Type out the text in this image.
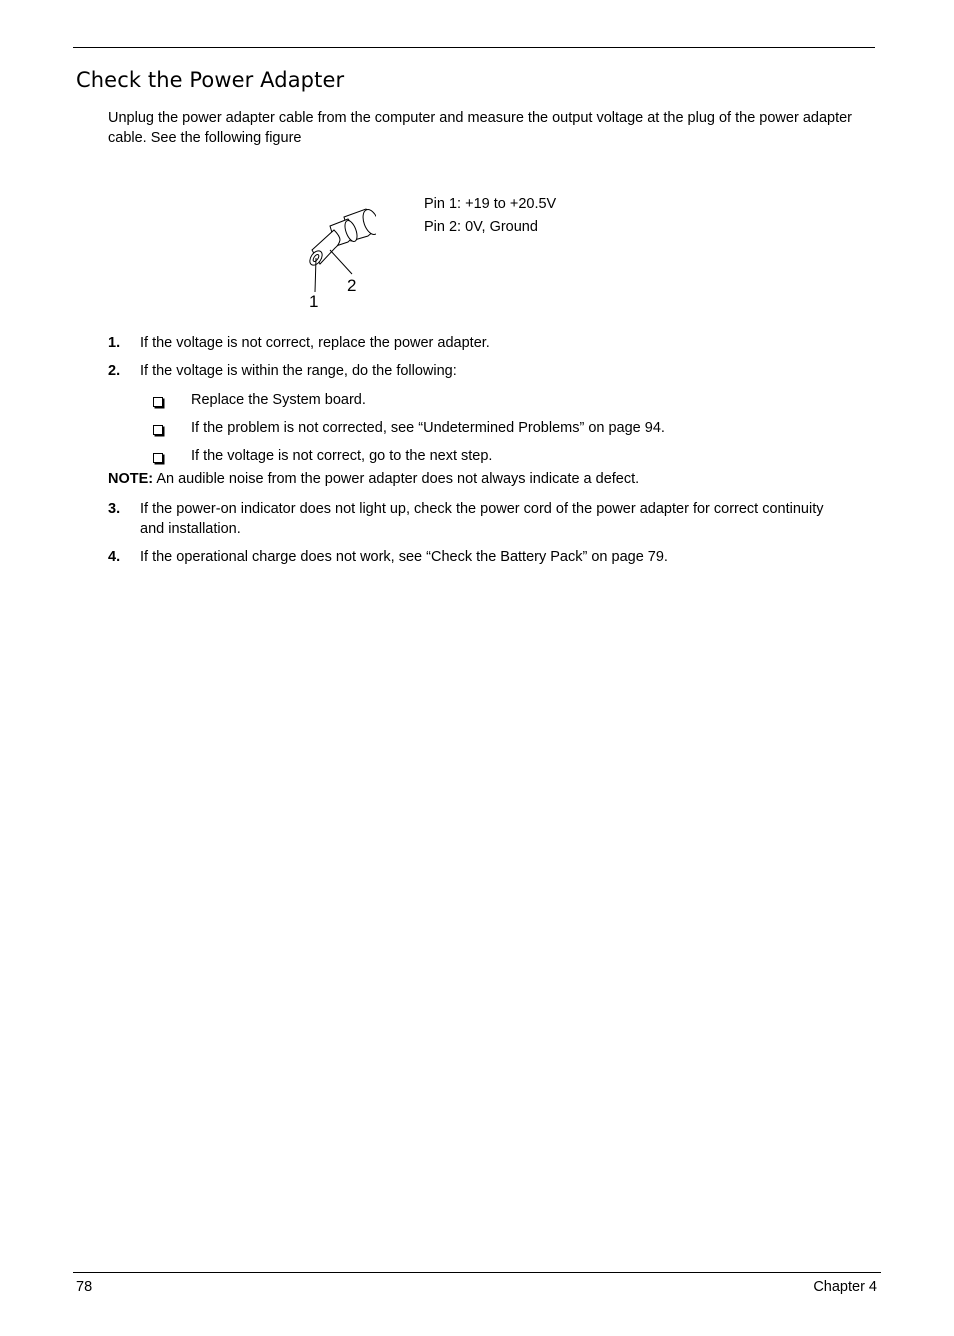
Check the Power Adapter
Unplug the power adapter cable from the computer and measure the output voltage at the plug of the power adapter cable. See the following figure
1
2
Pin 1: +19 to +20.5V
Pin 2: 0V, Ground
1. If the voltage is not correct, replace the power adapter.
2. If the voltage is within the range, do the following:
Replace the System board.
If the problem is not corrected, see “Undetermined Problems” on page 94.
If the voltage is not correct, go to the next step.
NOTE: An audible noise from the power adapter does not always indicate a defect.
3. If the power-on indicator does not light up, check the power cord of the power adapter for correct continuity and installation.
4. If the operational charge does not work, see “Check the Battery Pack” on page 79.
78	Chapter 4
